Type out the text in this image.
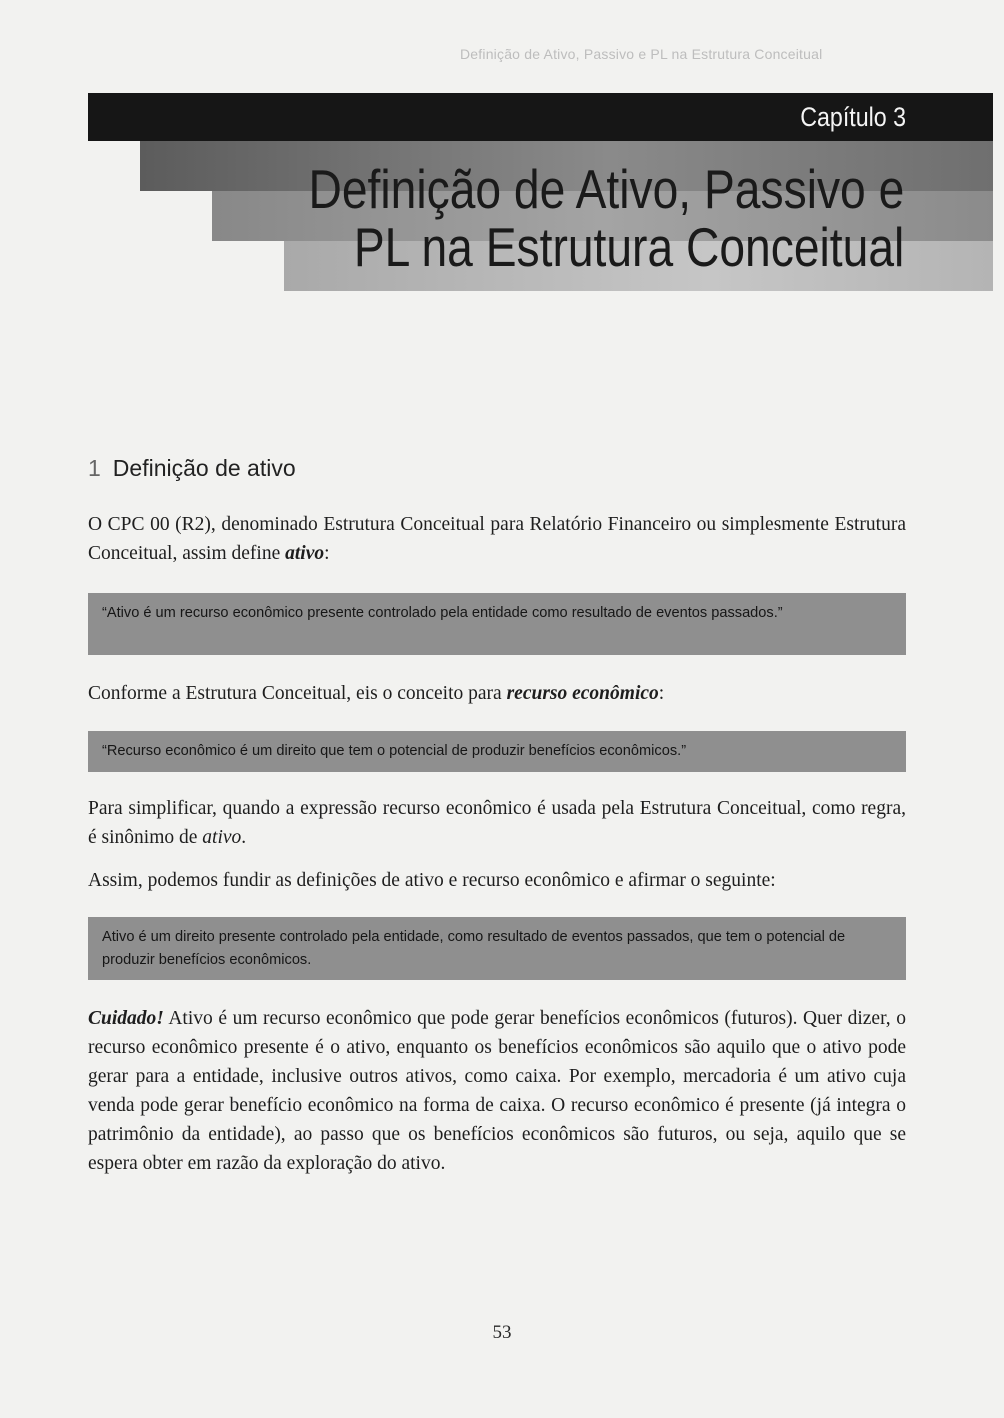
Definição de Ativo, Passivo e PL na Estrutura Conceitual
Capítulo 3
Definição de Ativo, Passivo e
PL na Estrutura Conceitual
1 Definição de ativo
O CPC 00 (R2), denominado Estrutura Conceitual para Relatório Financeiro ou simplesmente Estrutura Conceitual, assim define ativo:
“Ativo é um recurso econômico presente controlado pela entidade como resultado de eventos passados.”
Conforme a Estrutura Conceitual, eis o conceito para recurso econômico:
“Recurso econômico é um direito que tem o potencial de produzir benefícios econômicos.”
Para simplificar, quando a expressão recurso econômico é usada pela Estrutura Conceitual, como regra, é sinônimo de ativo.
Assim, podemos fundir as definições de ativo e recurso econômico e afirmar o seguinte:
Ativo é um direito presente controlado pela entidade, como resultado de eventos passados, que tem o potencial de produzir benefícios econômicos.
Cuidado! Ativo é um recurso econômico que pode gerar benefícios econômicos (futuros). Quer dizer, o recurso econômico presente é o ativo, enquanto os benefícios econômicos são aquilo que o ativo pode gerar para a entidade, inclusive outros ativos, como caixa. Por exemplo, mercadoria é um ativo cuja venda pode gerar benefício econômico na forma de caixa. O recurso econômico é presente (já integra o patrimônio da entidade), ao passo que os benefícios econômicos são futuros, ou seja, aquilo que se espera obter em razão da exploração do ativo.
53
